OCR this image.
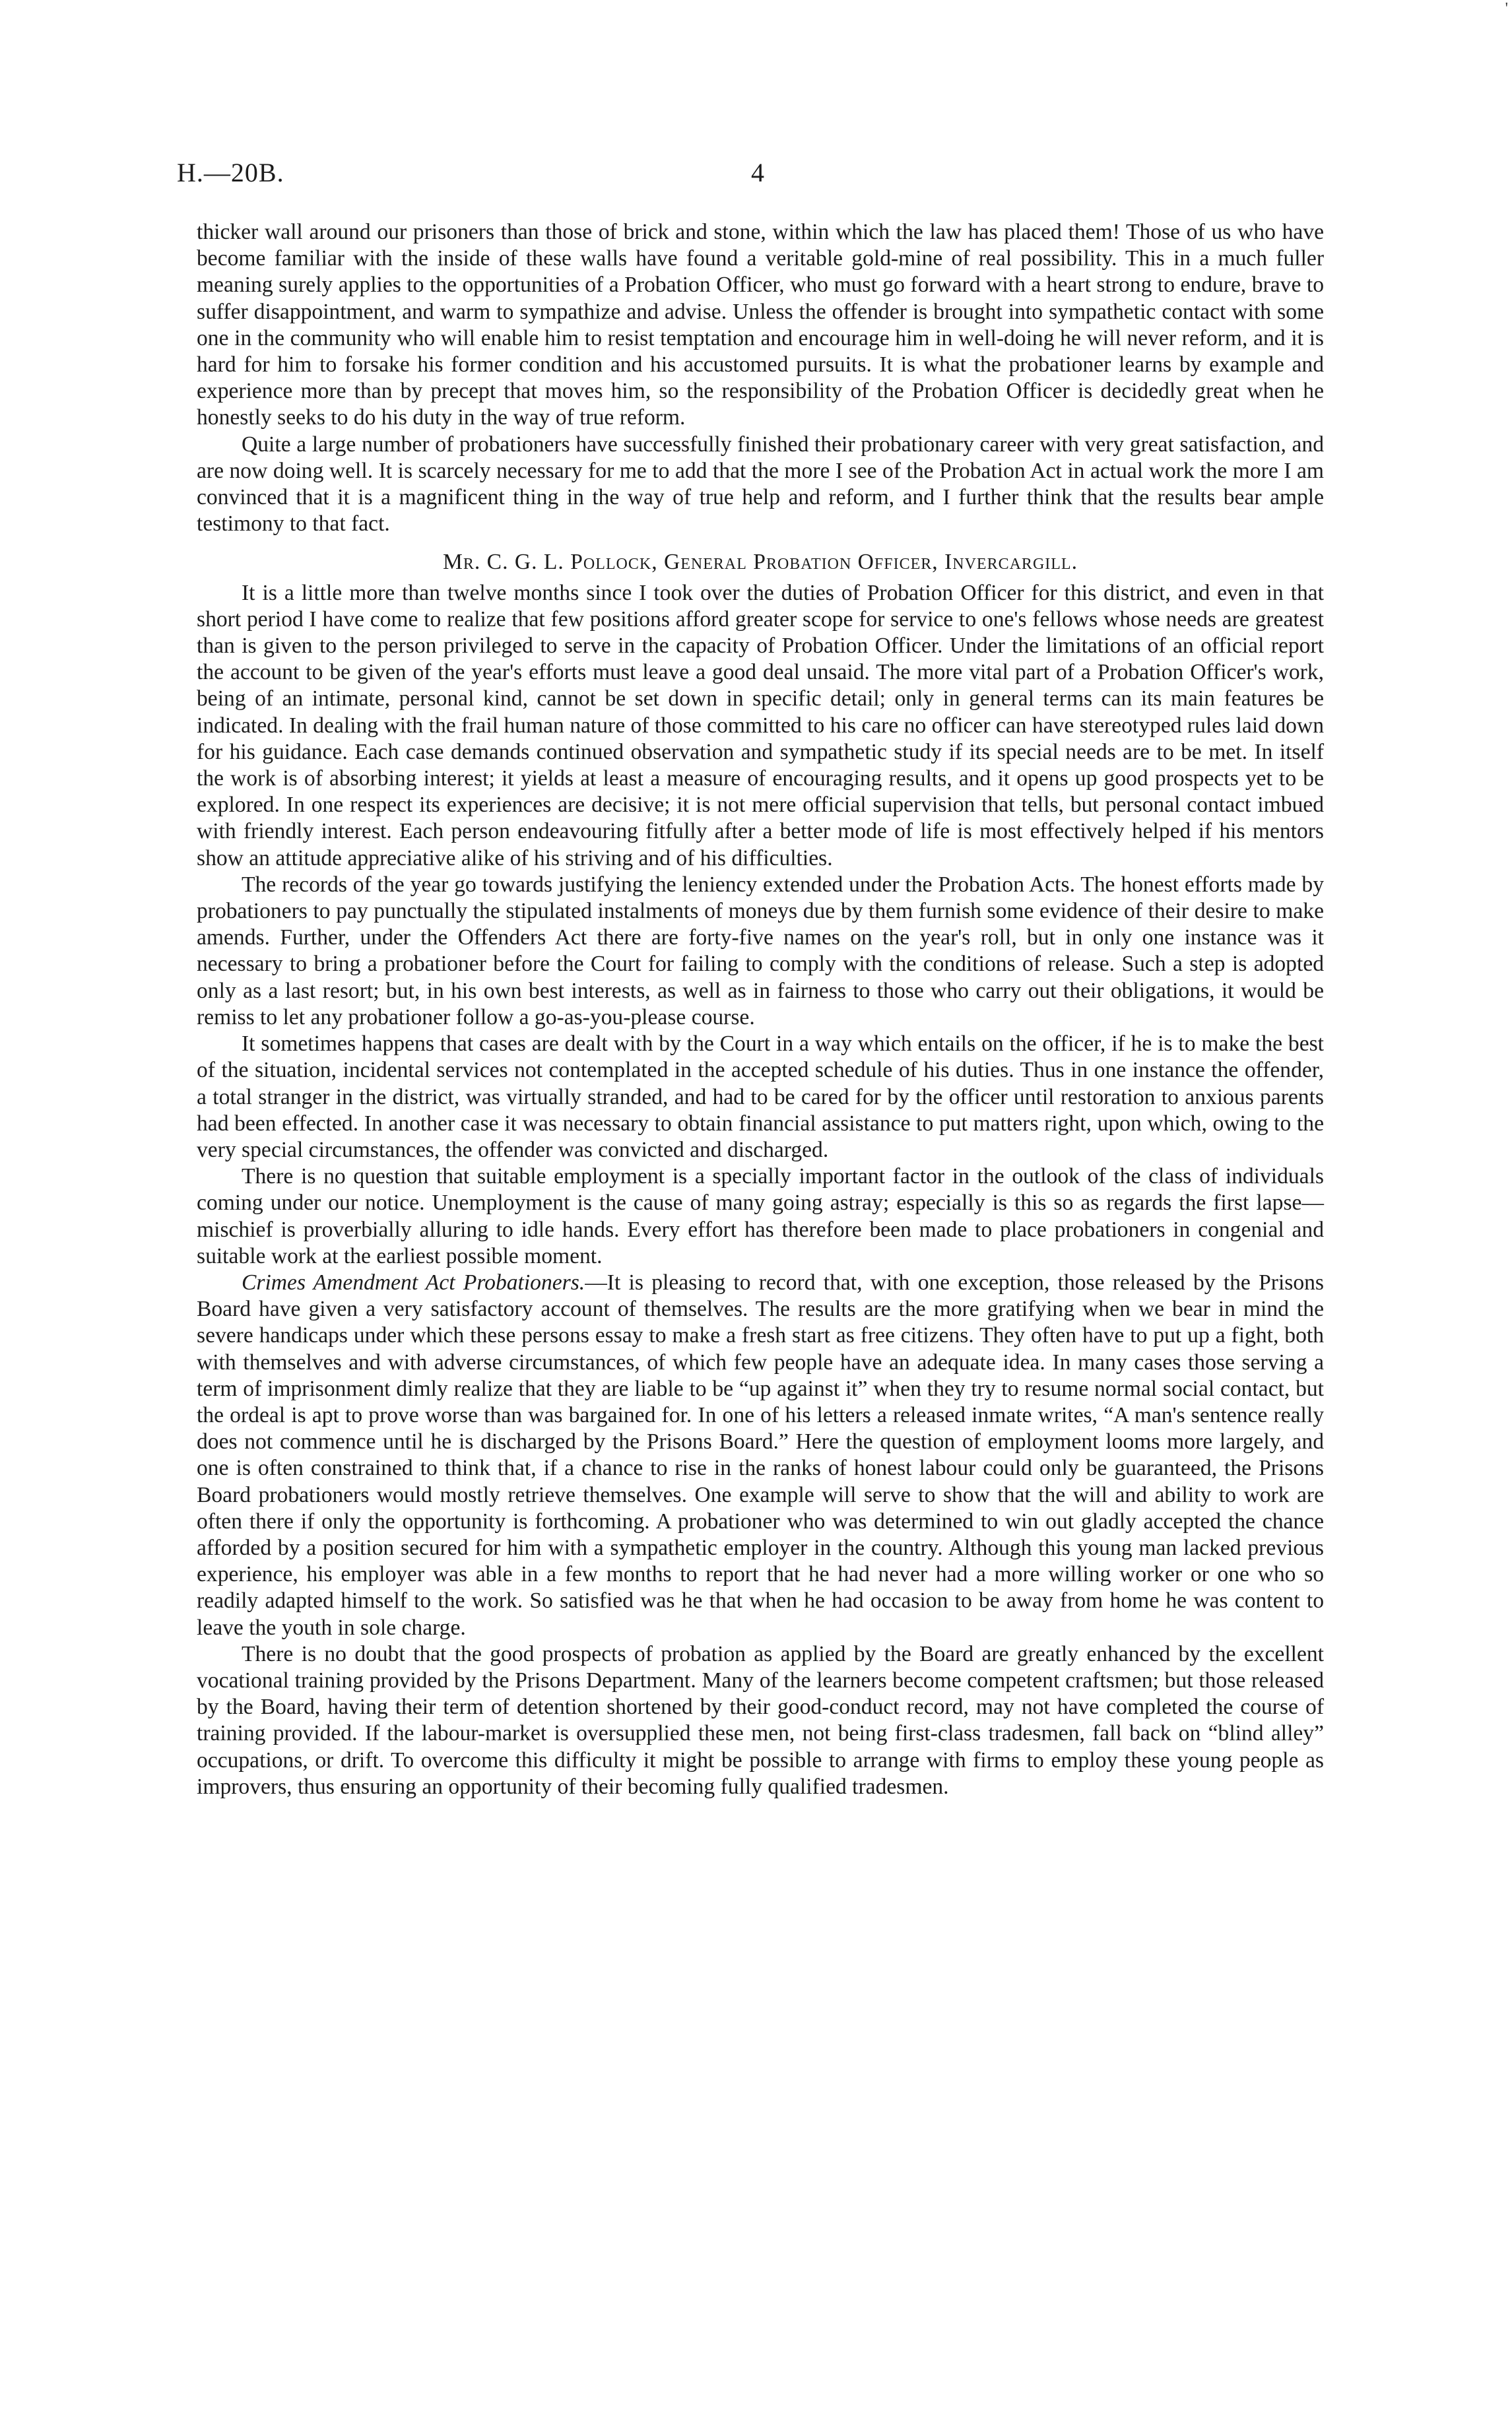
'
H.—20B.	4

thicker wall around our prisoners than those of brick and stone, within which the law has placed them! Those of us who have become familiar with the inside of these walls have found a veritable gold-mine of real possibility. This in a much fuller meaning surely applies to the opportunities of a Probation Officer, who must go forward with a heart strong to endure, brave to suffer disappointment, and warm to sympathize and advise. Unless the offender is brought into sympathetic contact with some one in the community who will enable him to resist temptation and encourage him in well-doing he will never reform, and it is hard for him to forsake his former condition and his accustomed pursuits. It is what the probationer learns by example and experience more than by precept that moves him, so the responsibility of the Probation Officer is decidedly great when he honestly seeks to do his duty in the way of true reform.

Quite a large number of probationers have successfully finished their probationary career with very great satisfaction, and are now doing well. It is scarcely necessary for me to add that the more I see of the Probation Act in actual work the more I am convinced that it is a magnificent thing in the way of true help and reform, and I further think that the results bear ample testimony to that fact.

Mr. C. G. L. Pollock, General Probation Officer, Invercargill.

It is a little more than twelve months since I took over the duties of Probation Officer for this district, and even in that short period I have come to realize that few positions afford greater scope for service to one's fellows whose needs are greatest than is given to the person privileged to serve in the capacity of Probation Officer. Under the limitations of an official report the account to be given of the year's efforts must leave a good deal unsaid. The more vital part of a Probation Officer's work, being of an intimate, personal kind, cannot be set down in specific detail; only in general terms can its main features be indicated. In dealing with the frail human nature of those committed to his care no officer can have stereotyped rules laid down for his guidance. Each case demands continued observation and sympathetic study if its special needs are to be met. In itself the work is of absorbing interest; it yields at least a measure of encouraging results, and it opens up good prospects yet to be explored. In one respect its experiences are decisive; it is not mere official supervision that tells, but personal contact imbued with friendly interest. Each person endeavouring fitfully after a better mode of life is most effectively helped if his mentors show an attitude appreciative alike of his striving and of his difficulties.

The records of the year go towards justifying the leniency extended under the Probation Acts. The honest efforts made by probationers to pay punctually the stipulated instalments of moneys due by them furnish some evidence of their desire to make amends. Further, under the Offenders Act there are forty-five names on the year's roll, but in only one instance was it necessary to bring a probationer before the Court for failing to comply with the conditions of release. Such a step is adopted only as a last resort; but, in his own best interests, as well as in fairness to those who carry out their obligations, it would be remiss to let any probationer follow a go-as-you-please course.

It sometimes happens that cases are dealt with by the Court in a way which entails on the officer, if he is to make the best of the situation, incidental services not contemplated in the accepted schedule of his duties. Thus in one instance the offender, a total stranger in the district, was virtually stranded, and had to be cared for by the officer until restoration to anxious parents had been effected. In another case it was necessary to obtain financial assistance to put matters right, upon which, owing to the very special circumstances, the offender was convicted and discharged.

There is no question that suitable employment is a specially important factor in the outlook of the class of individuals coming under our notice. Unemployment is the cause of many going astray; especially is this so as regards the first lapse—mischief is proverbially alluring to idle hands. Every effort has therefore been made to place probationers in congenial and suitable work at the earliest possible moment.

Crimes Amendment Act Probationers.—It is pleasing to record that, with one exception, those released by the Prisons Board have given a very satisfactory account of themselves. The results are the more gratifying when we bear in mind the severe handicaps under which these persons essay to make a fresh start as free citizens. They often have to put up a fight, both with themselves and with adverse circumstances, of which few people have an adequate idea. In many cases those serving a term of imprisonment dimly realize that they are liable to be “up against it” when they try to resume normal social contact, but the ordeal is apt to prove worse than was bargained for. In one of his letters a released inmate writes, “A man's sentence really does not commence until he is discharged by the Prisons Board.” Here the question of employment looms more largely, and one is often constrained to think that, if a chance to rise in the ranks of honest labour could only be guaranteed, the Prisons Board probationers would mostly retrieve themselves. One example will serve to show that the will and ability to work are often there if only the opportunity is forthcoming. A probationer who was determined to win out gladly accepted the chance afforded by a position secured for him with a sympathetic employer in the country. Although this young man lacked previous experience, his employer was able in a few months to report that he had never had a more willing worker or one who so readily adapted himself to the work. So satisfied was he that when he had occasion to be away from home he was content to leave the youth in sole charge.

There is no doubt that the good prospects of probation as applied by the Board are greatly enhanced by the excellent vocational training provided by the Prisons Department. Many of the learners become competent craftsmen; but those released by the Board, having their term of detention shortened by their good-conduct record, may not have completed the course of training provided. If the labour-market is oversupplied these men, not being first-class tradesmen, fall back on “blind alley” occupations, or drift. To overcome this difficulty it might be possible to arrange with firms to employ these young people as improvers, thus ensuring an opportunity of their becoming fully qualified tradesmen.
